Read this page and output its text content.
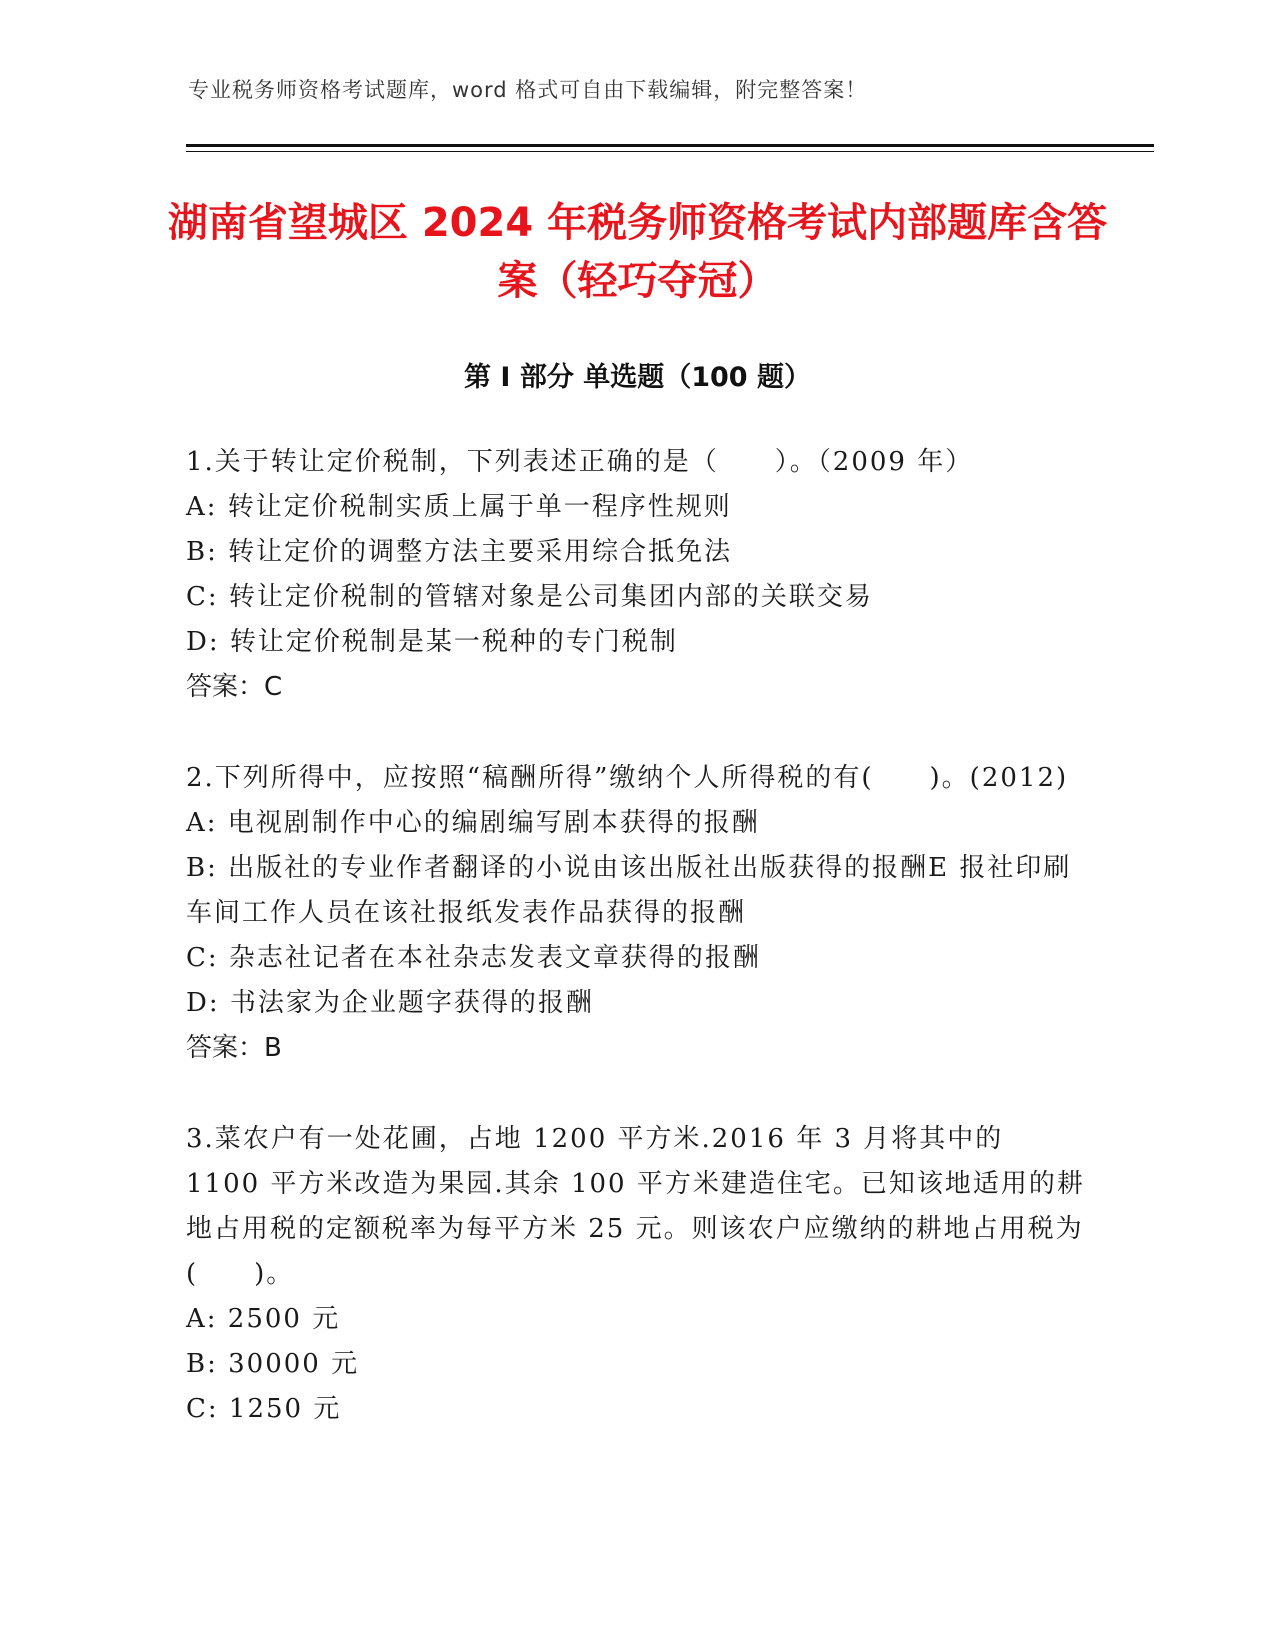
专业税务师资格考试题库，word 格式可自由下载编辑，附完整答案！
湖南省望城区 2024 年税务师资格考试内部题库含答案（轻巧夺冠）
第 I 部分 单选题（100 题）
1.关于转让定价税制，下列表述正确的是（　　）。（2009 年）
A: 转让定价税制实质上属于单一程序性规则
B: 转让定价的调整方法主要采用综合抵免法
C: 转让定价税制的管辖对象是公司集团内部的关联交易
D: 转让定价税制是某一税种的专门税制
答案：C
2.下列所得中，应按照“稿酬所得”缴纳个人所得税的有(　　)。(2012)
A: 电视剧制作中心的编剧编写剧本获得的报酬
B: 出版社的专业作者翻译的小说由该出版社出版获得的报酬E 报社印刷车间工作人员在该社报纸发表作品获得的报酬
C: 杂志社记者在本社杂志发表文章获得的报酬
D: 书法家为企业题字获得的报酬
答案：B
3.菜农户有一处花圃，占地 1200 平方米.2016 年 3 月将其中的 1100 平方米改造为果园.其余 100 平方米建造住宅。已知该地适用的耕地占用税的定额税率为每平方米 25 元。则该农户应缴纳的耕地占用税为(　　)。
A: 2500 元
B: 30000 元
C: 1250 元
